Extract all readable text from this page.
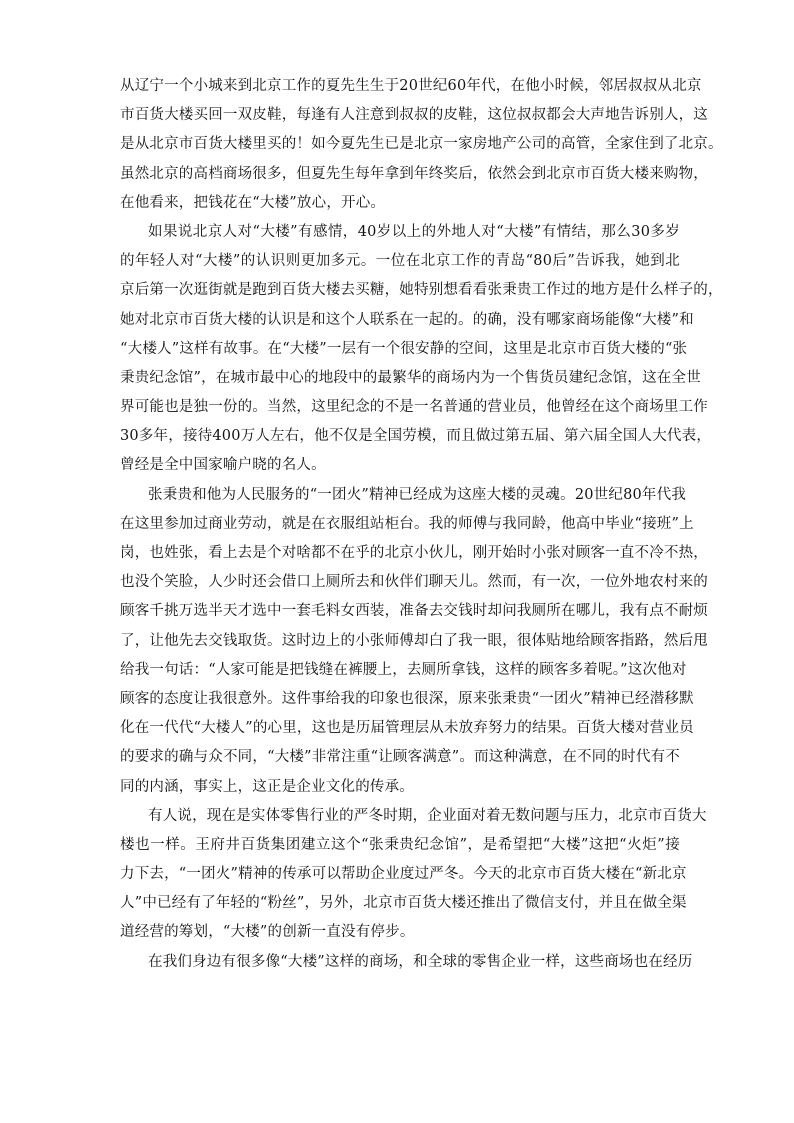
从辽宁一个小城来到北京工作的夏先生生于20世纪60年代，在他小时候，邻居叔叔从北京
市百货大楼买回一双皮鞋，每逢有人注意到叔叔的皮鞋，这位叔叔都会大声地告诉别人，这
是从北京市百货大楼里买的！如今夏先生已是北京一家房地产公司的高管，全家住到了北京。
虽然北京的高档商场很多，但夏先生每年拿到年终奖后，依然会到北京市百货大楼来购物，
在他看来，把钱花在“大楼”放心，开心。
如果说北京人对“大楼”有感情，40岁以上的外地人对“大楼”有情结，那么30多岁
的年轻人对“大楼”的认识则更加多元。一位在北京工作的青岛“80后”告诉我，她到北
京后第一次逛街就是跑到百货大楼去买糖，她特别想看看张秉贵工作过的地方是什么样子的，
她对北京市百货大楼的认识是和这个人联系在一起的。的确，没有哪家商场能像“大楼”和
“大楼人”这样有故事。在“大楼”一层有一个很安静的空间，这里是北京市百货大楼的“张
秉贵纪念馆”，在城市最中心的地段中的最繁华的商场内为一个售货员建纪念馆，这在全世
界可能也是独一份的。当然，这里纪念的不是一名普通的营业员，他曾经在这个商场里工作
30多年，接待400万人左右，他不仅是全国劳模，而且做过第五届、第六届全国人大代表，
曾经是全中国家喻户晓的名人。
张秉贵和他为人民服务的“一团火”精神已经成为这座大楼的灵魂。20世纪80年代我
在这里参加过商业劳动，就是在衣服组站柜台。我的师傅与我同龄，他高中毕业“接班”上
岗，也姓张，看上去是个对啥都不在乎的北京小伙儿，刚开始时小张对顾客一直不冷不热，
也没个笑脸，人少时还会借口上厕所去和伙伴们聊天儿。然而，有一次，一位外地农村来的
顾客千挑万选半天才选中一套毛料女西装，准备去交钱时却问我厕所在哪儿，我有点不耐烦
了，让他先去交钱取货。这时边上的小张师傅却白了我一眼，很体贴地给顾客指路，然后甩
给我一句话：“人家可能是把钱缝在裤腰上，去厕所拿钱，这样的顾客多着呢。”这次他对
顾客的态度让我很意外。这件事给我的印象也很深，原来张秉贵“一团火”精神已经潜移默
化在一代代“大楼人”的心里，这也是历届管理层从未放弃努力的结果。百货大楼对营业员
的要求的确与众不同，“大楼”非常注重“让顾客满意”。而这种满意，在不同的时代有不
同的内涵，事实上，这正是企业文化的传承。
有人说，现在是实体零售行业的严冬时期，企业面对着无数问题与压力，北京市百货大
楼也一样。王府井百货集团建立这个“张秉贵纪念馆”，是希望把“大楼”这把“火炬”接
力下去，“一团火”精神的传承可以帮助企业度过严冬。今天的北京市百货大楼在“新北京
人”中已经有了年轻的“粉丝”，另外，北京市百货大楼还推出了微信支付，并且在做全渠
道经营的筹划，“大楼”的创新一直没有停步。
在我们身边有很多像“大楼”这样的商场，和全球的零售企业一样，这些商场也在经历
